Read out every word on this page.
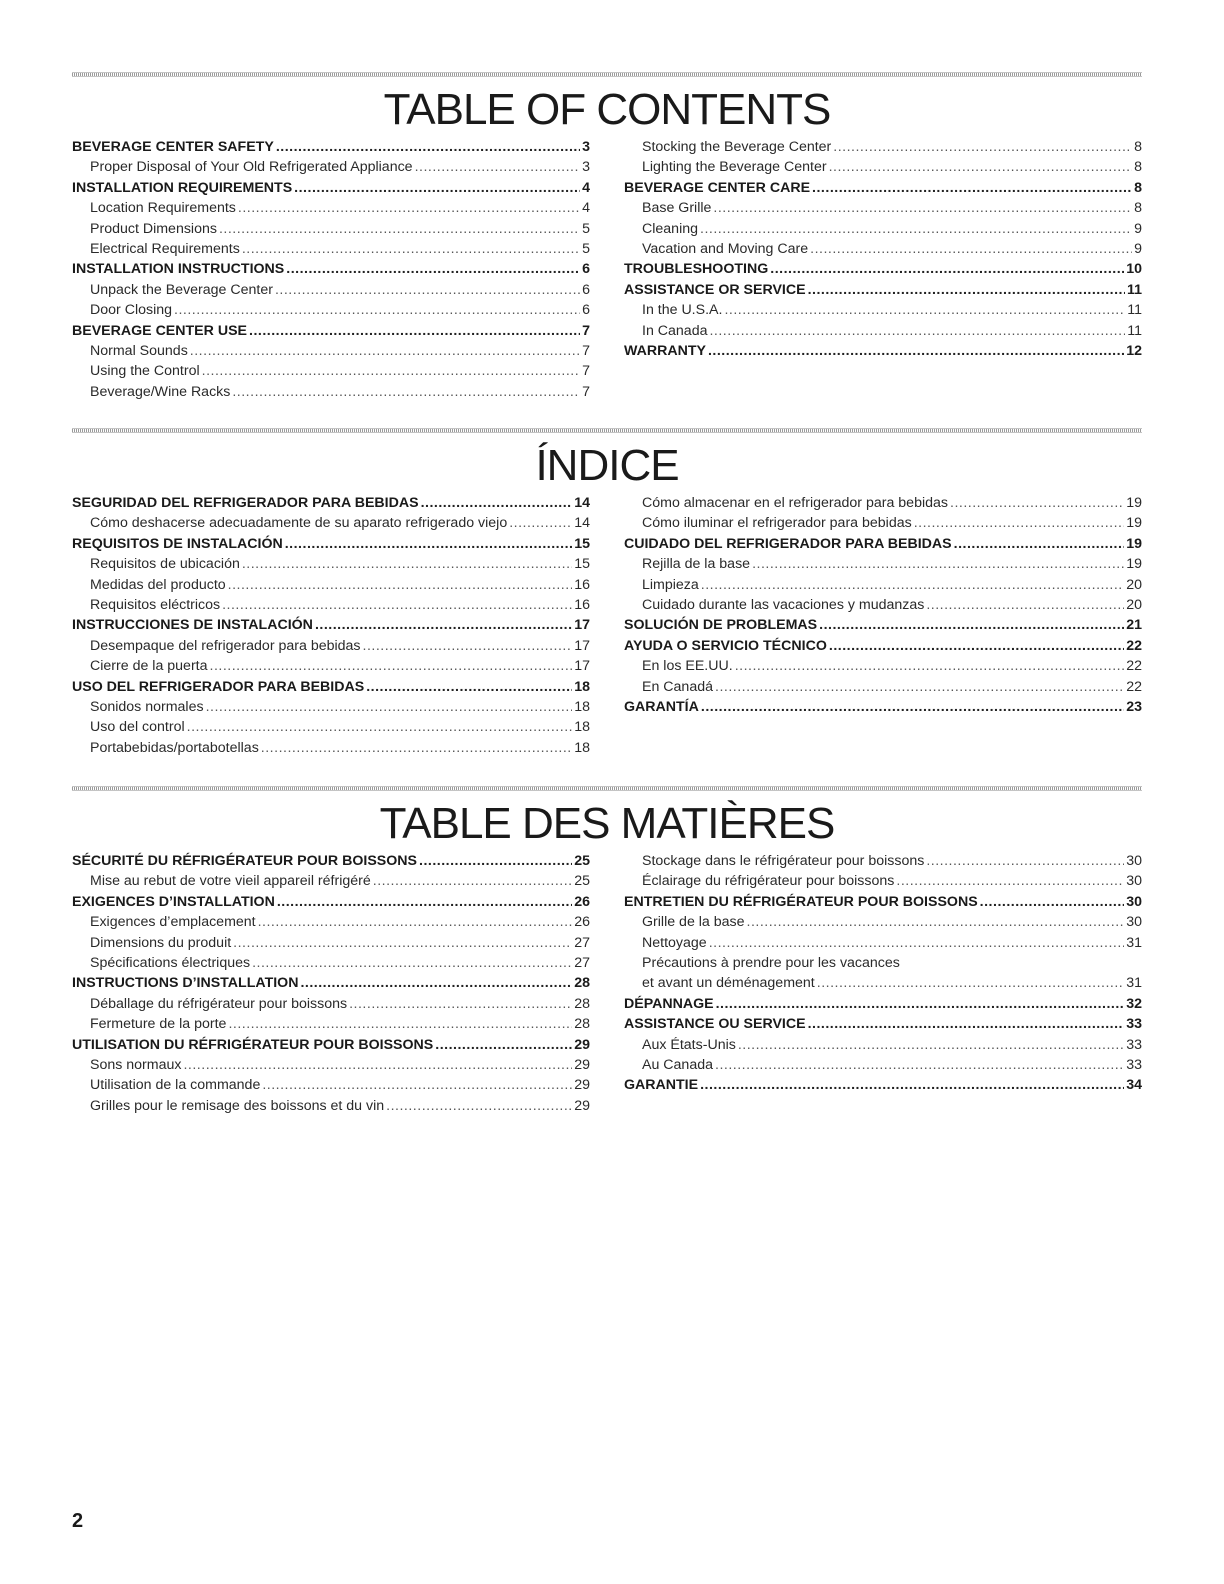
TABLE OF CONTENTS
BEVERAGE CENTER SAFETY .....	3
Proper Disposal of Your Old Refrigerated Appliance .....	3
INSTALLATION REQUIREMENTS .....	4
Location Requirements .....	4
Product Dimensions .....	5
Electrical Requirements .....	5
INSTALLATION INSTRUCTIONS .....	6
Unpack the Beverage Center .....	6
Door Closing .....	6
BEVERAGE CENTER USE .....	7
Normal Sounds .....	7
Using the Control .....	7
Beverage/Wine Racks .....	7
Stocking the Beverage Center .....	8
Lighting the Beverage Center .....	8
BEVERAGE CENTER CARE .....	8
Base Grille .....	8
Cleaning .....	9
Vacation and Moving Care .....	9
TROUBLESHOOTING .....	10
ASSISTANCE OR SERVICE .....	11
In the U.S.A. .....	11
In Canada .....	11
WARRANTY .....	12
ÍNDICE
SEGURIDAD DEL REFRIGERADOR PARA BEBIDAS .....	14
Cómo deshacerse adecuadamente de su aparato refrigerado viejo .....	14
REQUISITOS DE INSTALACIÓN .....	15
Requisitos de ubicación .....	15
Medidas del producto .....	16
Requisitos eléctricos .....	16
INSTRUCCIONES DE INSTALACIÓN .....	17
Desempaque del refrigerador para bebidas .....	17
Cierre de la puerta .....	17
USO DEL REFRIGERADOR PARA BEBIDAS .....	18
Sonidos normales .....	18
Uso del control .....	18
Portabebidas/portabotellas .....	18
Cómo almacenar en el refrigerador para bebidas .....	19
Cómo iluminar el refrigerador para bebidas .....	19
CUIDADO DEL REFRIGERADOR PARA BEBIDAS .....	19
Rejilla de la base .....	19
Limpieza .....	20
Cuidado durante las vacaciones y mudanzas .....	20
SOLUCIÓN DE PROBLEMAS .....	21
AYUDA O SERVICIO TÉCNICO .....	22
En los EE.UU. .....	22
En Canadá .....	22
GARANTÍA .....	23
TABLE DES MATIÈRES
SÉCURITÉ DU RÉFRIGÉRATEUR POUR BOISSONS .....	25
Mise au rebut de votre vieil appareil réfrigéré .....	25
EXIGENCES D’INSTALLATION .....	26
Exigences d’emplacement .....	26
Dimensions du produit .....	27
Spécifications électriques .....	27
INSTRUCTIONS D’INSTALLATION .....	28
Déballage du réfrigérateur pour boissons .....	28
Fermeture de la porte .....	28
UTILISATION DU RÉFRIGÉRATEUR POUR BOISSONS .....	29
Sons normaux .....	29
Utilisation de la commande .....	29
Grilles pour le remisage des boissons et du vin .....	29
Stockage dans le réfrigérateur pour boissons .....	30
Éclairage du réfrigérateur pour boissons .....	30
ENTRETIEN DU RÉFRIGÉRATEUR POUR BOISSONS .....	30
Grille de la base .....	30
Nettoyage .....	31
Précautions à prendre pour les vacances
et avant un déménagement .....	31
DÉPANNAGE .....	32
ASSISTANCE OU SERVICE .....	33
Aux États-Unis .....	33
Au Canada .....	33
GARANTIE .....	34
2
